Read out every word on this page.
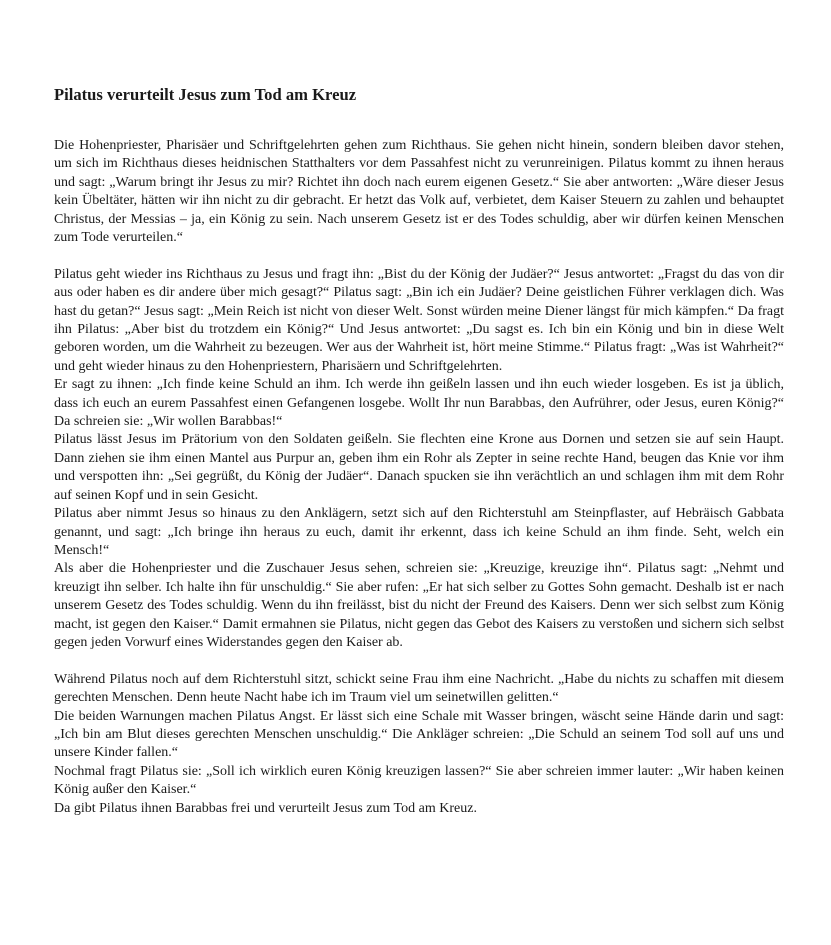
Pilatus verurteilt Jesus zum Tod am Kreuz

Die Hohenpriester, Pharisäer und Schriftgelehrten gehen zum Richthaus. Sie gehen nicht hinein, sondern bleiben davor stehen, um sich im Richthaus dieses heidnischen Statthalters vor dem Passahfest nicht zu verunreinigen. Pilatus kommt zu ihnen heraus und sagt: „Warum bringt ihr Jesus zu mir? Richtet ihn doch nach eurem eigenen Gesetz.“ Sie aber antworten: „Wäre dieser Jesus kein Übeltäter, hätten wir ihn nicht zu dir gebracht. Er hetzt das Volk auf, verbietet, dem Kaiser Steuern zu zahlen und behauptet Christus, der Messias – ja, ein König zu sein. Nach unserem Gesetz ist er des Todes schuldig, aber wir dürfen keinen Menschen zum Tode verurteilen.“

Pilatus geht wieder ins Richthaus zu Jesus und fragt ihn: „Bist du der König der Judäer?“ Jesus antwortet: „Fragst du das von dir aus oder haben es dir andere über mich gesagt?“ Pilatus sagt: „Bin ich ein Judäer? Deine geistlichen Führer verklagen dich. Was hast du getan?“ Jesus sagt: „Mein Reich ist nicht von dieser Welt. Sonst würden meine Diener längst für mich kämpfen.“ Da fragt ihn Pilatus: „Aber bist du trotzdem ein König?“ Und Jesus antwortet: „Du sagst es. Ich bin ein König und bin in diese Welt geboren worden, um die Wahrheit zu bezeugen. Wer aus der Wahrheit ist, hört meine Stimme.“ Pilatus fragt: „Was ist Wahrheit?“ und geht wieder hinaus zu den Hohenpriestern, Pharisäern und Schriftgelehrten.

Er sagt zu ihnen: „Ich finde keine Schuld an ihm. Ich werde ihn geißeln lassen und ihn euch wieder losgeben. Es ist ja üblich, dass ich euch an eurem Passahfest einen Gefangenen losgebe. Wollt Ihr nun Barabbas, den Aufrührer, oder Jesus, euren König?“ Da schreien sie: „Wir wollen Barabbas!“

Pilatus lässt Jesus im Prätorium von den Soldaten geißeln. Sie flechten eine Krone aus Dornen und setzen sie auf sein Haupt. Dann ziehen sie ihm einen Mantel aus Purpur an, geben ihm ein Rohr als Zepter in seine rechte Hand, beugen das Knie vor ihm und verspotten ihn: „Sei gegrüßt, du König der Judäer“. Danach spucken sie ihn verächtlich an und schlagen ihm mit dem Rohr auf seinen Kopf und in sein Gesicht.

Pilatus aber nimmt Jesus so hinaus zu den Anklägern, setzt sich auf den Richterstuhl am Steinpflaster, auf Hebräisch Gabbata genannt, und sagt: „Ich bringe ihn heraus zu euch, damit ihr erkennt, dass ich keine Schuld an ihm finde. Seht, welch ein Mensch!“

Als aber die Hohenpriester und die Zuschauer Jesus sehen, schreien sie: „Kreuzige, kreuzige ihn“. Pilatus sagt: „Nehmt und kreuzigt ihn selber. Ich halte ihn für unschuldig.“ Sie aber rufen: „Er hat sich selber zu Gottes Sohn gemacht. Deshalb ist er nach unserem Gesetz des Todes schuldig. Wenn du ihn freilässt, bist du nicht der Freund des Kaisers. Denn wer sich selbst zum König macht, ist gegen den Kaiser.“ Damit ermahnen sie Pilatus, nicht gegen das Gebot des Kaisers zu verstoßen und sichern sich selbst gegen jeden Vorwurf eines Widerstandes gegen den Kaiser ab.

Während Pilatus noch auf dem Richterstuhl sitzt, schickt seine Frau ihm eine Nachricht. „Habe du nichts zu schaffen mit diesem gerechten Menschen. Denn heute Nacht habe ich im Traum viel um seinetwillen gelitten.“

Die beiden Warnungen machen Pilatus Angst. Er lässt sich eine Schale mit Wasser bringen, wäscht seine Hände darin und sagt: „Ich bin am Blut dieses gerechten Menschen unschuldig.“ Die Ankläger schreien: „Die Schuld an seinem Tod soll auf uns und unsere Kinder fallen.“

Nochmal fragt Pilatus sie: „Soll ich wirklich euren König kreuzigen lassen?“ Sie aber schreien immer lauter: „Wir haben keinen König außer den Kaiser.“

Da gibt Pilatus ihnen Barabbas frei und verurteilt Jesus zum Tod am Kreuz.
